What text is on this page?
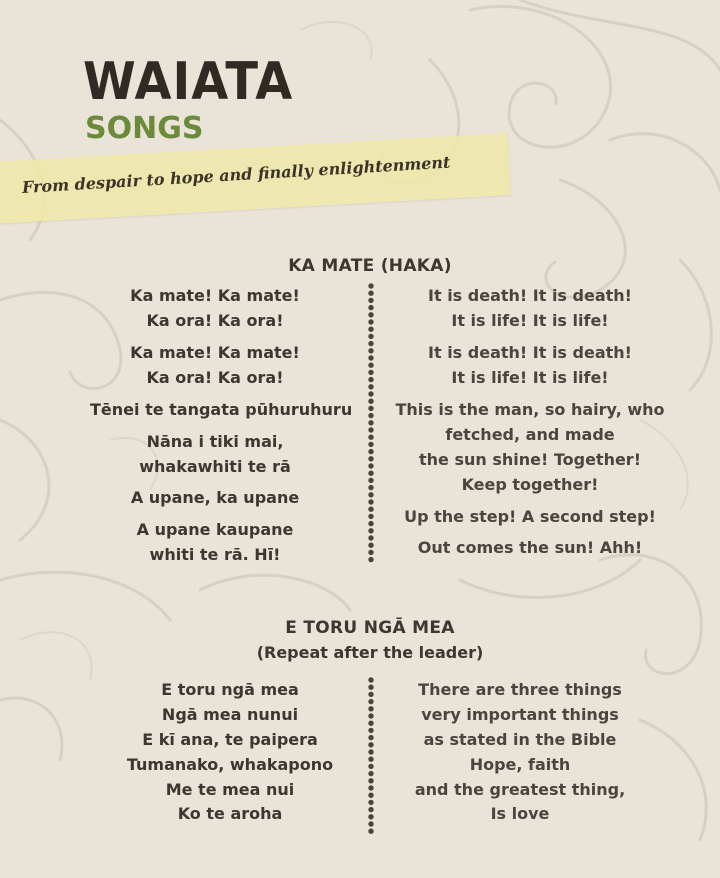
WAIATA
SONGS

From despair to hope and finally enlightenment

KA MATE (HAKA)

Ka mate! Ka mate!

Ka ora! Ka ora!

Ka mate! Ka mate!

Ka ora! Ka ora!

Tēnei te tangata pūhuruhuru

Nāna i tiki mai,

whakawhiti te rā

A upane, ka upane

A upane kaupane

whiti te rā. Hī!

It is death! It is death!

It is life! It is life!

It is death! It is death!

It is life! It is life!

This is the man, so hairy, who

fetched, and made

the sun shine! Together!

Keep together!

Up the step! A second step!

Out comes the sun! Ahh!

E TORU NGĀ MEA

(Repeat after the leader)

E toru ngā mea

Ngā mea nunui

E kī ana, te paipera

Tumanako, whakapono

Me te mea nui

Ko te aroha

There are three things

very important things

as stated in the Bible

Hope, faith

and the greatest thing,

Is love
